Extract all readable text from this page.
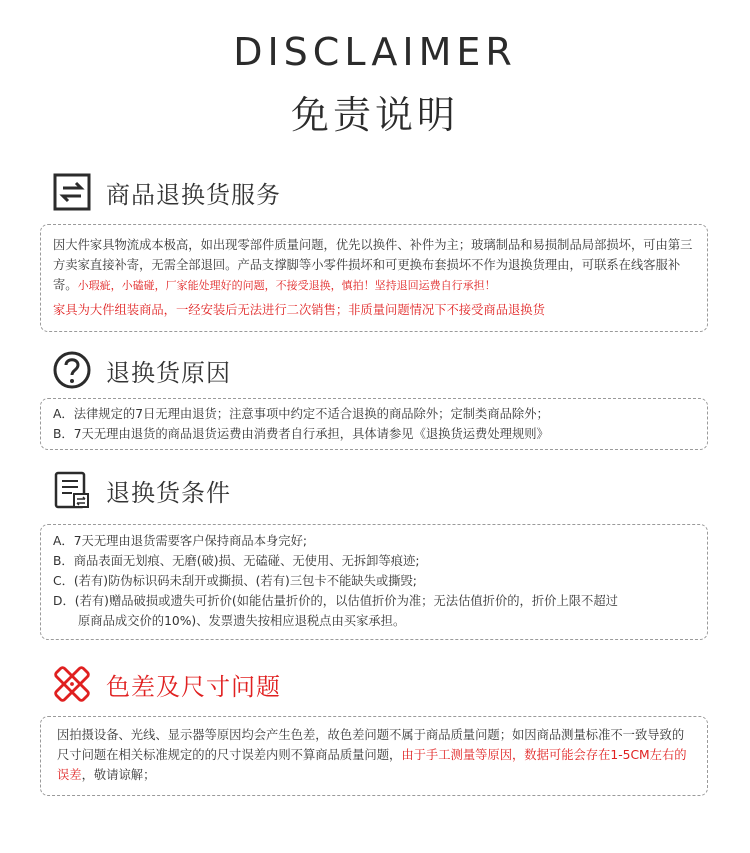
DISCLAIMER
免责说明
商品退换货服务

因大件家具物流成本极高，如出现零部件质量问题，优先以换件、补件为主；玻璃制品和易损制品局部损坏，可由第三方卖家直接补寄，无需全部退回。产品支撑脚等小零件损坏和可更换布套损坏不作为退换货理由，可联系在线客服补寄。小瑕疵，小磕碰，厂家能处理好的问题，不接受退换，慎拍！坚持退回运费自行承担！

家具为大件组装商品，一经安装后无法进行二次销售；非质量问题情况下不接受商品退换货

退换货原因

A．法律规定的7日无理由退货；注意事项中约定不适合退换的商品除外；定制类商品除外；

B．7天无理由退货的商品退货运费由消费者自行承担，具体请参见《退换货运费处理规则》

退换货条件

A．7天无理由退货需要客户保持商品本身完好;

B．商品表面无划痕、无磨(破)损、无磕碰、无使用、无拆卸等痕迹;

C．(若有)防伪标识码未刮开或撕损、(若有)三包卡不能缺失或撕毁;

D．(若有)赠品破损或遗失可折价(如能估量折价的，以估值折价为准；无法估值折价的，折价上限不超过

原商品成交价的10%)、发票遗失按相应退税点由买家承担。

色差及尺寸问题

因拍摄设备、光线、显示器等原因均会产生色差，故色差问题不属于商品质量问题；如因商品测量标准不一致导致的尺寸问题在相关标准规定的的尺寸误差内则不算商品质量问题，由于手工测量等原因，数据可能会存在1-5CM左右的误差，敬请谅解；
